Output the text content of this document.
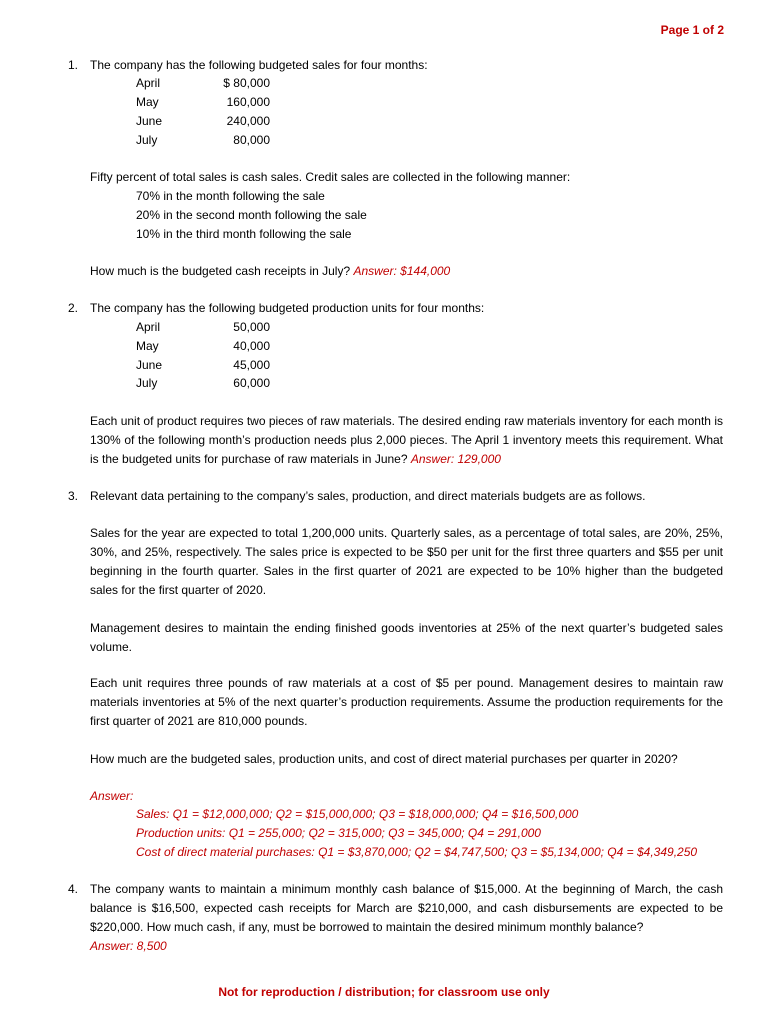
Page 1 of 2
1. The company has the following budgeted sales for four months:
April	$ 80,000
May	160,000
June	240,000
July	80,000
Fifty percent of total sales is cash sales. Credit sales are collected in the following manner:
70% in the month following the sale
20% in the second month following the sale
10% in the third month following the sale
How much is the budgeted cash receipts in July? Answer: $144,000
2. The company has the following budgeted production units for four months:
April	50,000
May	40,000
June	45,000
July	60,000
Each unit of product requires two pieces of raw materials. The desired ending raw materials inventory for each month is 130% of the following month’s production needs plus 2,000 pieces. The April 1 inventory meets this requirement. What is the budgeted units for purchase of raw materials in June? Answer: 129,000
3. Relevant data pertaining to the company’s sales, production, and direct materials budgets are as follows.
Sales for the year are expected to total 1,200,000 units. Quarterly sales, as a percentage of total sales, are 20%, 25%, 30%, and 25%, respectively. The sales price is expected to be $50 per unit for the first three quarters and $55 per unit beginning in the fourth quarter. Sales in the first quarter of 2021 are expected to be 10% higher than the budgeted sales for the first quarter of 2020.
Management desires to maintain the ending finished goods inventories at 25% of the next quarter’s budgeted sales volume.
Each unit requires three pounds of raw materials at a cost of $5 per pound. Management desires to maintain raw materials inventories at 5% of the next quarter’s production requirements. Assume the production requirements for the first quarter of 2021 are 810,000 pounds.
How much are the budgeted sales, production units, and cost of direct material purchases per quarter in 2020?
Answer:
Sales: Q1 = $12,000,000; Q2 = $15,000,000; Q3 = $18,000,000; Q4 = $16,500,000
Production units: Q1 = 255,000; Q2 = 315,000; Q3 = 345,000; Q4 = 291,000
Cost of direct material purchases: Q1 = $3,870,000; Q2 = $4,747,500; Q3 = $5,134,000; Q4 = $4,349,250
4. The company wants to maintain a minimum monthly cash balance of $15,000. At the beginning of March, the cash balance is $16,500, expected cash receipts for March are $210,000, and cash disbursements are expected to be $220,000. How much cash, if any, must be borrowed to maintain the desired minimum monthly balance?
Answer: 8,500
Not for reproduction / distribution; for classroom use only
